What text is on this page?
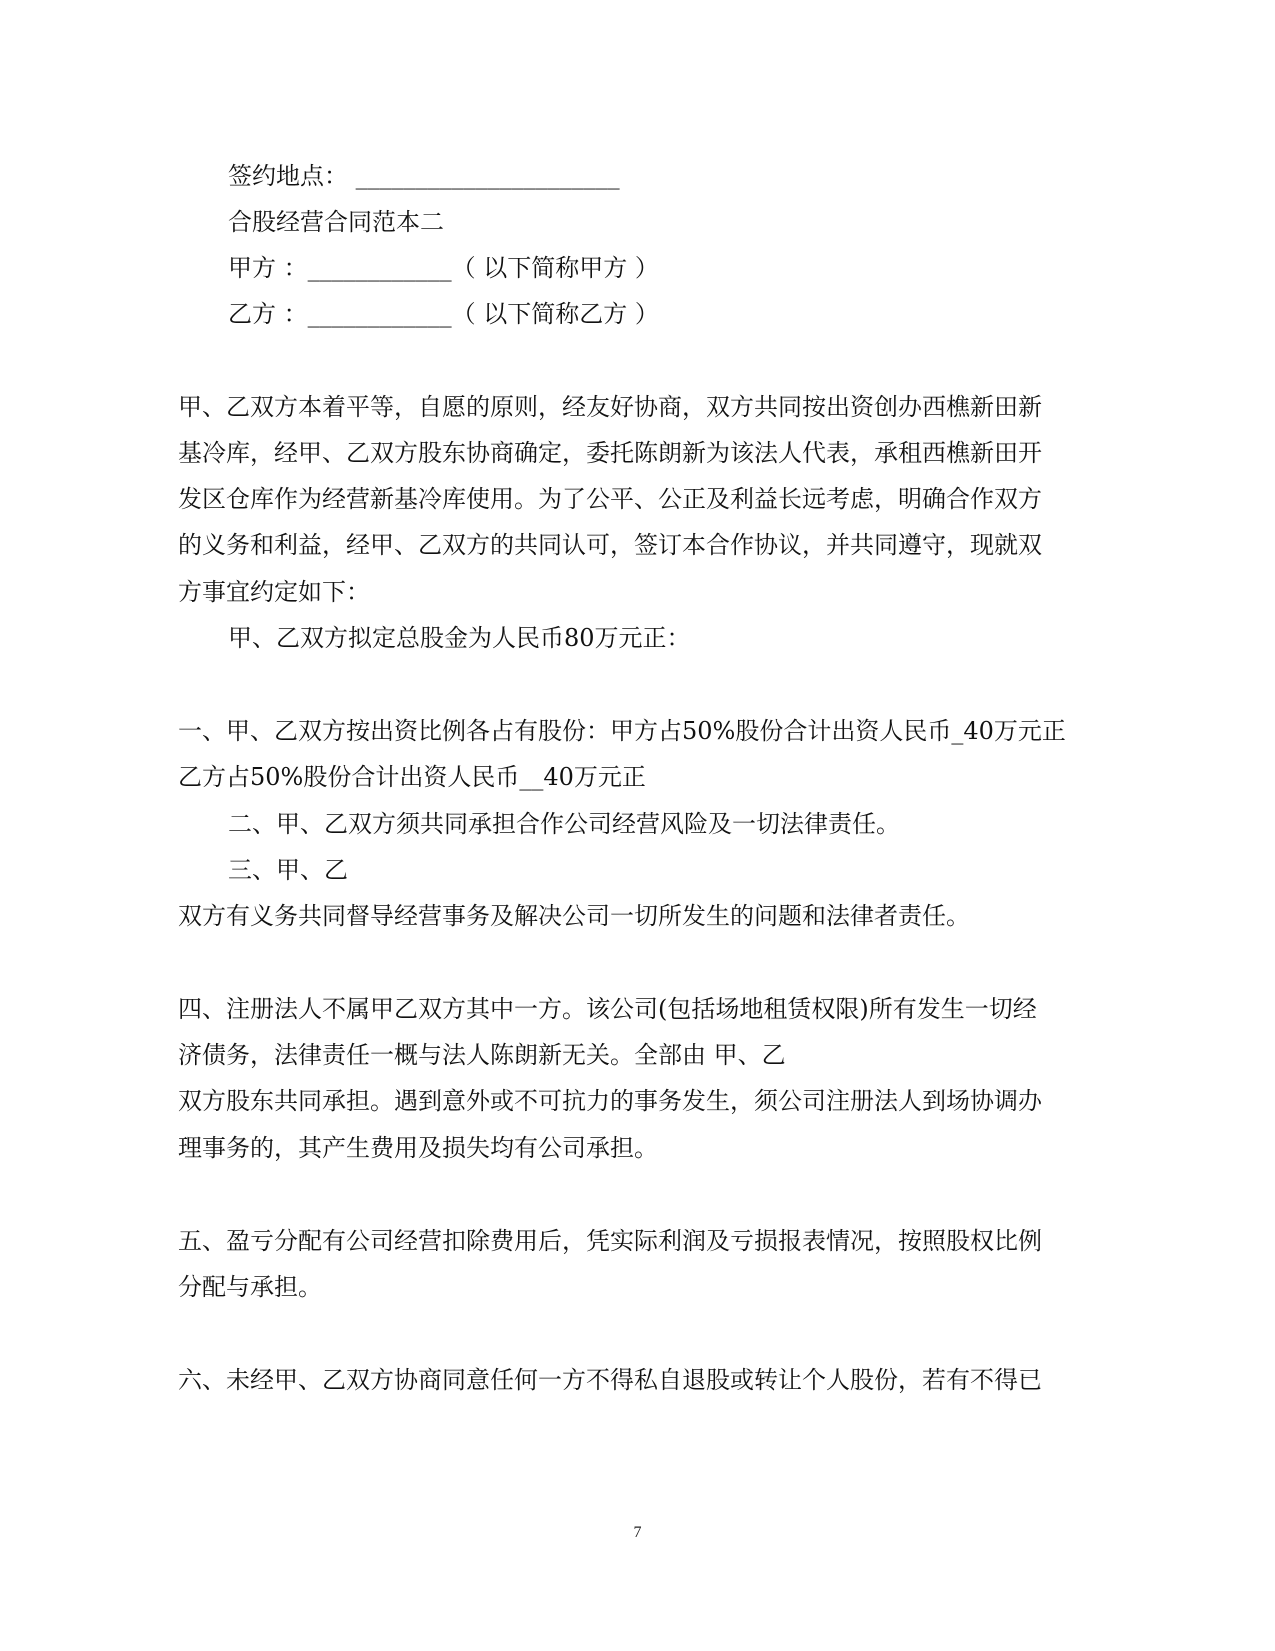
签约地点： ______________________
合股经营合同范本二
甲方 ：____________（ 以下简称甲方 ）
乙方 ：____________（ 以下简称乙方 ）
甲、乙双方本着平等，自愿的原则，经友好协商，双方共同按出资创办西樵新田新
基冷库，经甲、乙双方股东协商确定，委托陈朗新为该法人代表，承租西樵新田开
发区仓库作为经营新基冷库使用。为了公平、公正及利益长远考虑，明确合作双方
的义务和利益，经甲、乙双方的共同认可，签订本合作协议，并共同遵守，现就双
方事宜约定如下：
甲、乙双方拟定总股金为人民币80万元正：
一、甲、乙双方按出资比例各占有股份：甲方占50%股份合计出资人民币_40万元正
乙方占50%股份合计出资人民币__40万元正
二、甲、乙双方须共同承担合作公司经营风险及一切法律责任。
三、甲、乙
双方有义务共同督导经营事务及解决公司一切所发生的问题和法律者责任。
四、注册法人不属甲乙双方其中一方。该公司(包括场地租赁权限)所有发生一切经
济债务，法律责任一概与法人陈朗新无关。全部由 甲、乙
双方股东共同承担。遇到意外或不可抗力的事务发生，须公司注册法人到场协调办
理事务的，其产生费用及损失均有公司承担。
五、盈亏分配有公司经营扣除费用后，凭实际利润及亏损报表情况，按照股权比例
分配与承担。
六、未经甲、乙双方协商同意任何一方不得私自退股或转让个人股份，若有不得已
7
